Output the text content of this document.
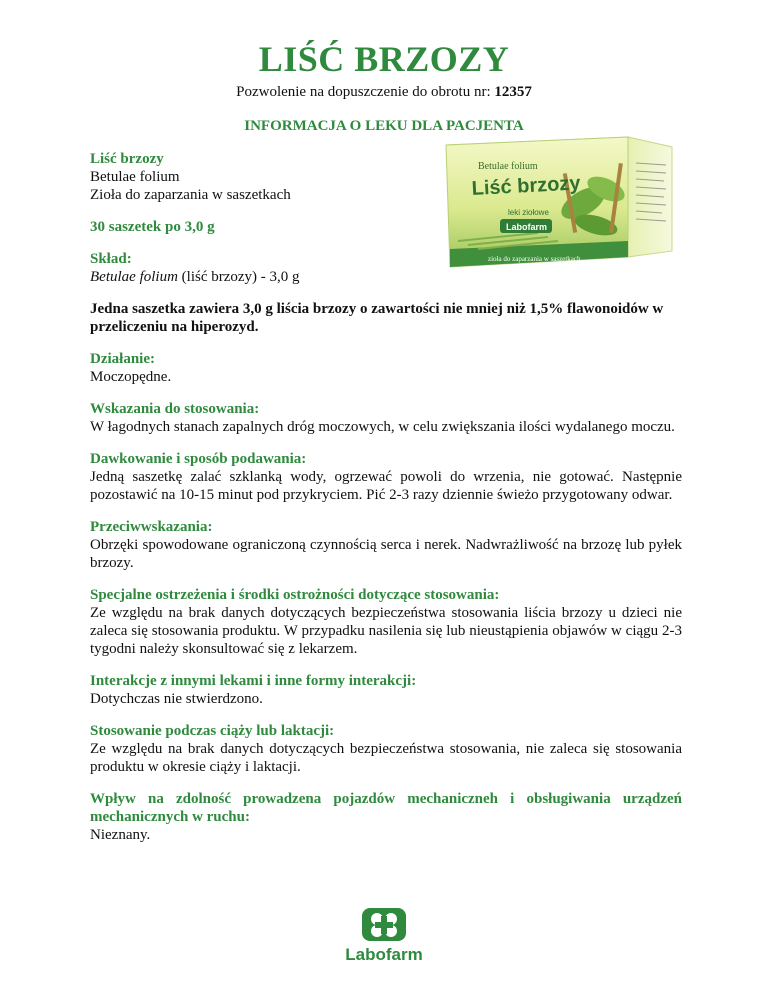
LIŚĆ BRZOZY
Pozwolenie na dopuszczenie do obrotu nr: 12357
INFORMACJA O LEKU DLA PACJENTA
Betulae folium
Liść brzozy
leki ziołowe
Labofarm
zioła do zaparzania w saszetkach

Liść brzozy

Betulae folium

Zioła do zaparzania w saszetkach

30 saszetek po 3,0 g

Skład:

Betulae folium (liść brzozy) - 3,0 g

Jedna saszetka zawiera 3,0 g liścia brzozy o zawartości nie mniej niż 1,5% flawonoidów w przeliczeniu na hiperozyd.

Działanie:

Moczopędne.

Wskazania do stosowania:

W łagodnych stanach zapalnych dróg moczowych, w celu zwiększania ilości wydalanego moczu.

Dawkowanie i sposób podawania:

Jedną saszetkę zalać szklanką wody, ogrzewać powoli do wrzenia, nie gotować. Następnie pozostawić na 10-15 minut pod przykryciem. Pić 2-3 razy dziennie świeżo przygotowany odwar.

Przeciwwskazania:

Obrzęki spowodowane ograniczoną czynnością serca i nerek. Nadwrażliwość na brzozę lub pyłek brzozy.

Specjalne ostrzeżenia i środki ostrożności dotyczące stosowania:

Ze względu na brak danych dotyczących bezpieczeństwa stosowania liścia brzozy u dzieci nie zaleca się stosowania produktu. W przypadku nasilenia się lub nieustąpienia objawów w ciągu 2-3 tygodni należy skonsultować się z lekarzem.

Interakcje z innymi lekami i inne formy interakcji:

Dotychczas nie stwierdzono.

Stosowanie podczas ciąży lub laktacji:

Ze względu na brak danych dotyczących bezpieczeństwa stosowania, nie zaleca się stosowania produktu w okresie ciąży i laktacji.

Wpływ na zdolność prowadzena pojazdów mechaniczneh i obsługiwania urządzeń mechanicznych w ruchu:

Nieznany.

Labofarm
